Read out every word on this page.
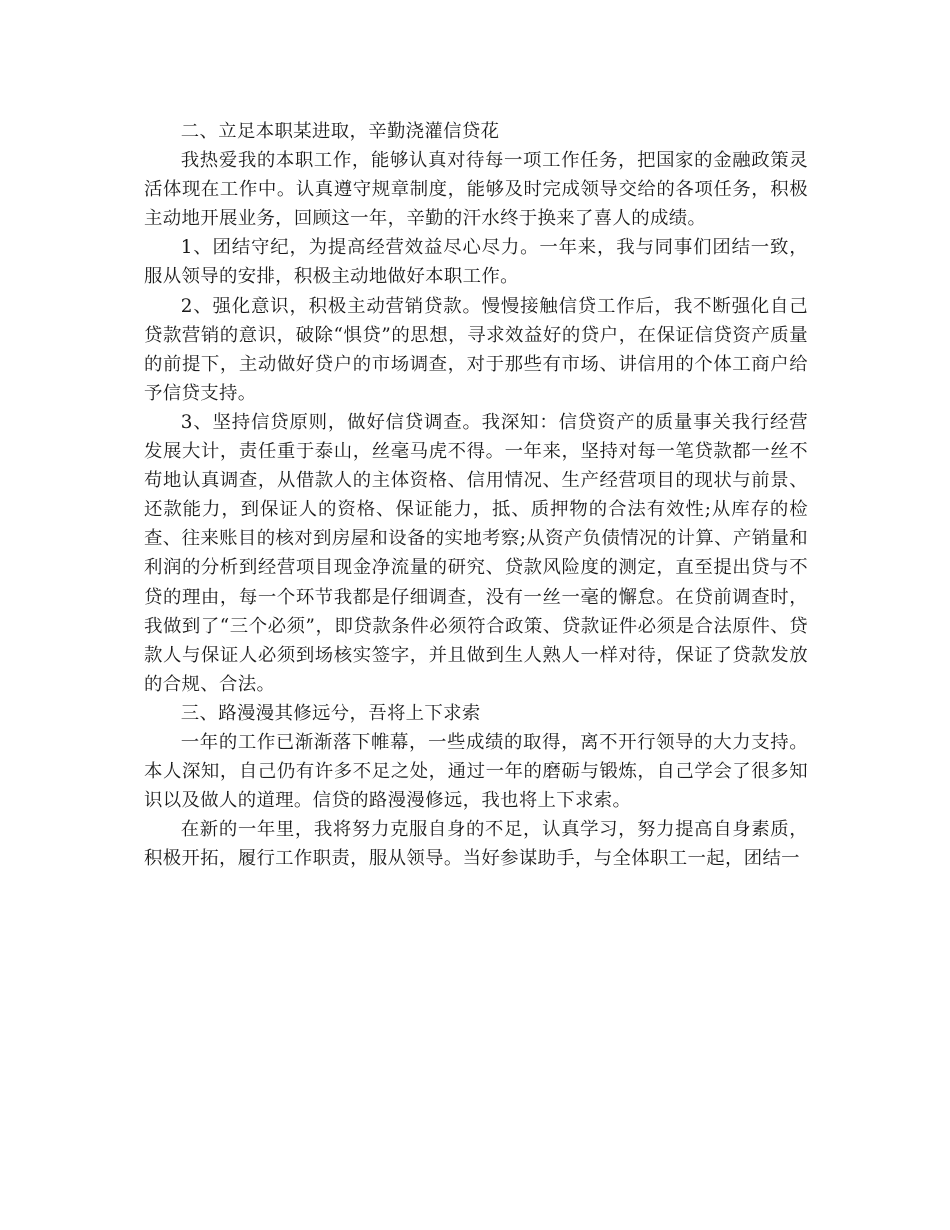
二、立足本职某进取，辛勤浇灌信贷花

我热爱我的本职工作，能够认真对待每一项工作任务，把国家的金融政策灵活体现在工作中。认真遵守规章制度，能够及时完成领导交给的各项任务，积极主动地开展业务，回顾这一年，辛勤的汗水终于换来了喜人的成绩。

1、团结守纪，为提高经营效益尽心尽力。一年来，我与同事们团结一致，服从领导的安排，积极主动地做好本职工作。

2、强化意识，积极主动营销贷款。慢慢接触信贷工作后，我不断强化自己贷款营销的意识，破除“惧贷”的思想，寻求效益好的贷户，在保证信贷资产质量的前提下，主动做好贷户的市场调查，对于那些有市场、讲信用的个体工商户给予信贷支持。

3、坚持信贷原则，做好信贷调查。我深知：信贷资产的质量事关我行经营发展大计，责任重于泰山，丝毫马虎不得。一年来，坚持对每一笔贷款都一丝不苟地认真调查，从借款人的主体资格、信用情况、生产经营项目的现状与前景、还款能力，到保证人的资格、保证能力，抵、质押物的合法有效性;从库存的检查、往来账目的核对到房屋和设备的实地考察;从资产负债情况的计算、产销量和利润的分析到经营项目现金净流量的研究、贷款风险度的测定，直至提出贷与不贷的理由，每一个环节我都是仔细调查，没有一丝一毫的懈怠。在贷前调查时，我做到了“三个必须”，即贷款条件必须符合政策、贷款证件必须是合法原件、贷款人与保证人必须到场核实签字，并且做到生人熟人一样对待，保证了贷款发放的合规、合法。

三、路漫漫其修远兮，吾将上下求索

一年的工作已渐渐落下帷幕，一些成绩的取得，离不开行领导的大力支持。本人深知，自己仍有许多不足之处，通过一年的磨砺与锻炼，自己学会了很多知识以及做人的道理。信贷的路漫漫修远，我也将上下求索。

在新的一年里，我将努力克服自身的不足，认真学习，努力提高自身素质，积极开拓，履行工作职责，服从领导。当好参谋助手，与全体职工一起，团结一
